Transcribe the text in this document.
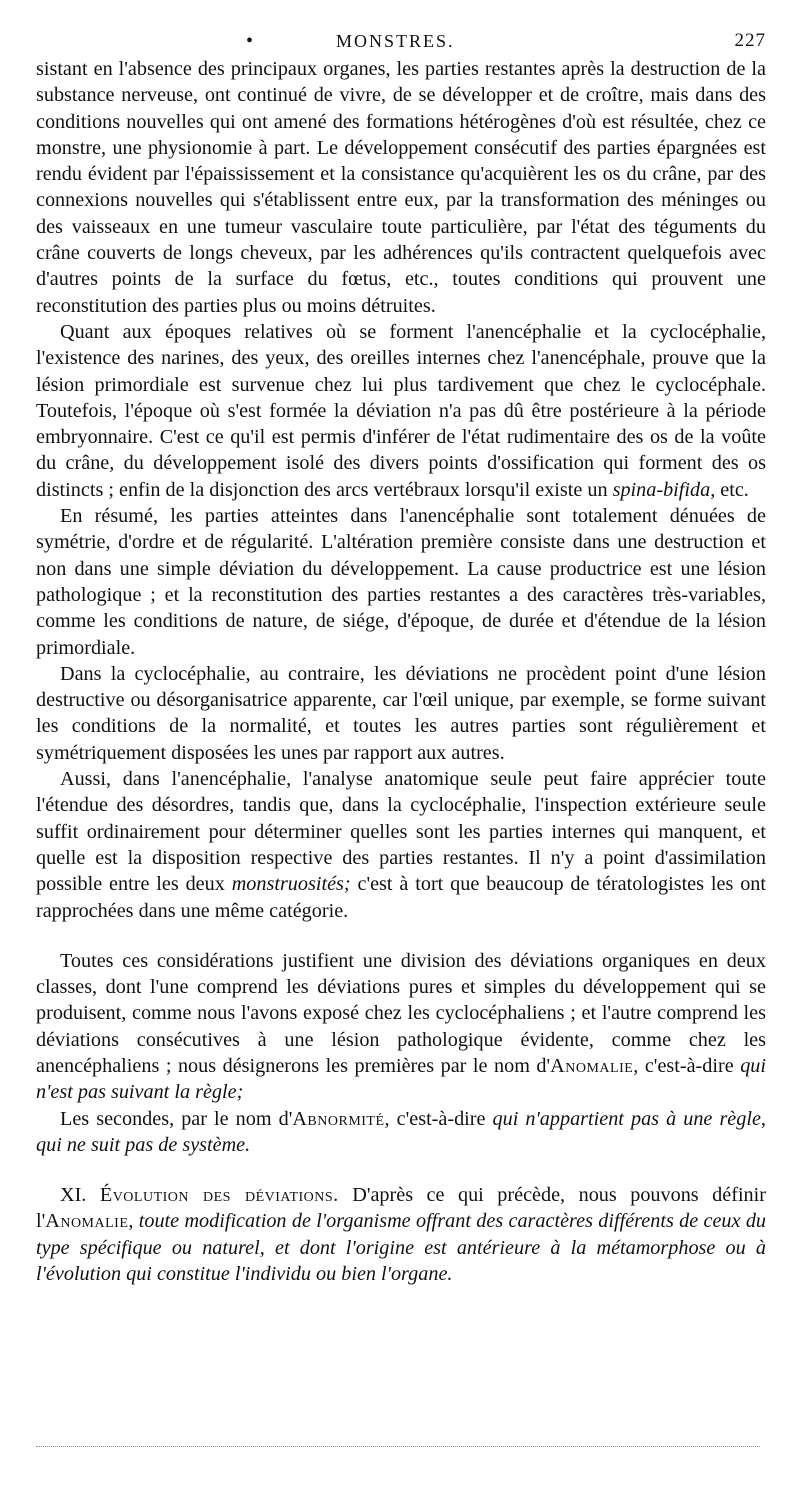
•	MONSTRES.	227

sistant en l'absence des principaux organes, les parties restantes après la destruction de la substance nerveuse, ont continué de vivre, de se développer et de croître, mais dans des conditions nouvelles qui ont amené des formations hétérogènes d'où est résultée, chez ce monstre, une physionomie à part. Le développement consécutif des parties épargnées est rendu évident par l'épaississement et la consistance qu'acquièrent les os du crâne, par des connexions nouvelles qui s'établissent entre eux, par la transformation des méninges ou des vaisseaux en une tumeur vasculaire toute particulière, par l'état des téguments du crâne couverts de longs cheveux, par les adhérences qu'ils contractent quelquefois avec d'autres points de la surface du fœtus, etc., toutes conditions qui prouvent une reconstitution des parties plus ou moins détruites.

Quant aux époques relatives où se forment l'anencéphalie et la cyclocéphalie, l'existence des narines, des yeux, des oreilles internes chez l'anencéphale, prouve que la lésion primordiale est survenue chez lui plus tardivement que chez le cyclocéphale. Toutefois, l'époque où s'est formée la déviation n'a pas dû être postérieure à la période embryonnaire. C'est ce qu'il est permis d'inférer de l'état rudimentaire des os de la voûte du crâne, du développement isolé des divers points d'ossification qui forment des os distincts ; enfin de la disjonction des arcs vertébraux lorsqu'il existe un spina-bifida, etc.

En résumé, les parties atteintes dans l'anencéphalie sont totalement dénuées de symétrie, d'ordre et de régularité. L'altération première consiste dans une destruction et non dans une simple déviation du développement. La cause productrice est une lésion pathologique ; et la reconstitution des parties restantes a des caractères très-variables, comme les conditions de nature, de siége, d'époque, de durée et d'étendue de la lésion primordiale.

Dans la cyclocéphalie, au contraire, les déviations ne procèdent point d'une lésion destructive ou désorganisatrice apparente, car l'œil unique, par exemple, se forme suivant les conditions de la normalité, et toutes les autres parties sont régulièrement et symétriquement disposées les unes par rapport aux autres.

Aussi, dans l'anencéphalie, l'analyse anatomique seule peut faire apprécier toute l'étendue des désordres, tandis que, dans la cyclocéphalie, l'inspection extérieure seule suffit ordinairement pour déterminer quelles sont les parties internes qui manquent, et quelle est la disposition respective des parties restantes. Il n'y a point d'assimilation possible entre les deux monstruosités; c'est à tort que beaucoup de tératologistes les ont rapprochées dans une même catégorie.

Toutes ces considérations justifient une division des déviations organiques en deux classes, dont l'une comprend les déviations pures et simples du développement qui se produisent, comme nous l'avons exposé chez les cyclocéphaliens ; et l'autre comprend les déviations consécutives à une lésion pathologique évidente, comme chez les anencéphaliens ; nous désignerons les premières par le nom d'Anomalie, c'est-à-dire qui n'est pas suivant la règle;

Les secondes, par le nom d'Abnormité, c'est-à-dire qui n'appartient pas à une règle, qui ne suit pas de système.

XI. Évolution des déviations. D'après ce qui précède, nous pouvons définir l'Anomalie, toute modification de l'organisme offrant des caractères différents de ceux du type spécifique ou naturel, et dont l'origine est antérieure à la métamorphose ou à l'évolution qui constitue l'individu ou bien l'organe.
